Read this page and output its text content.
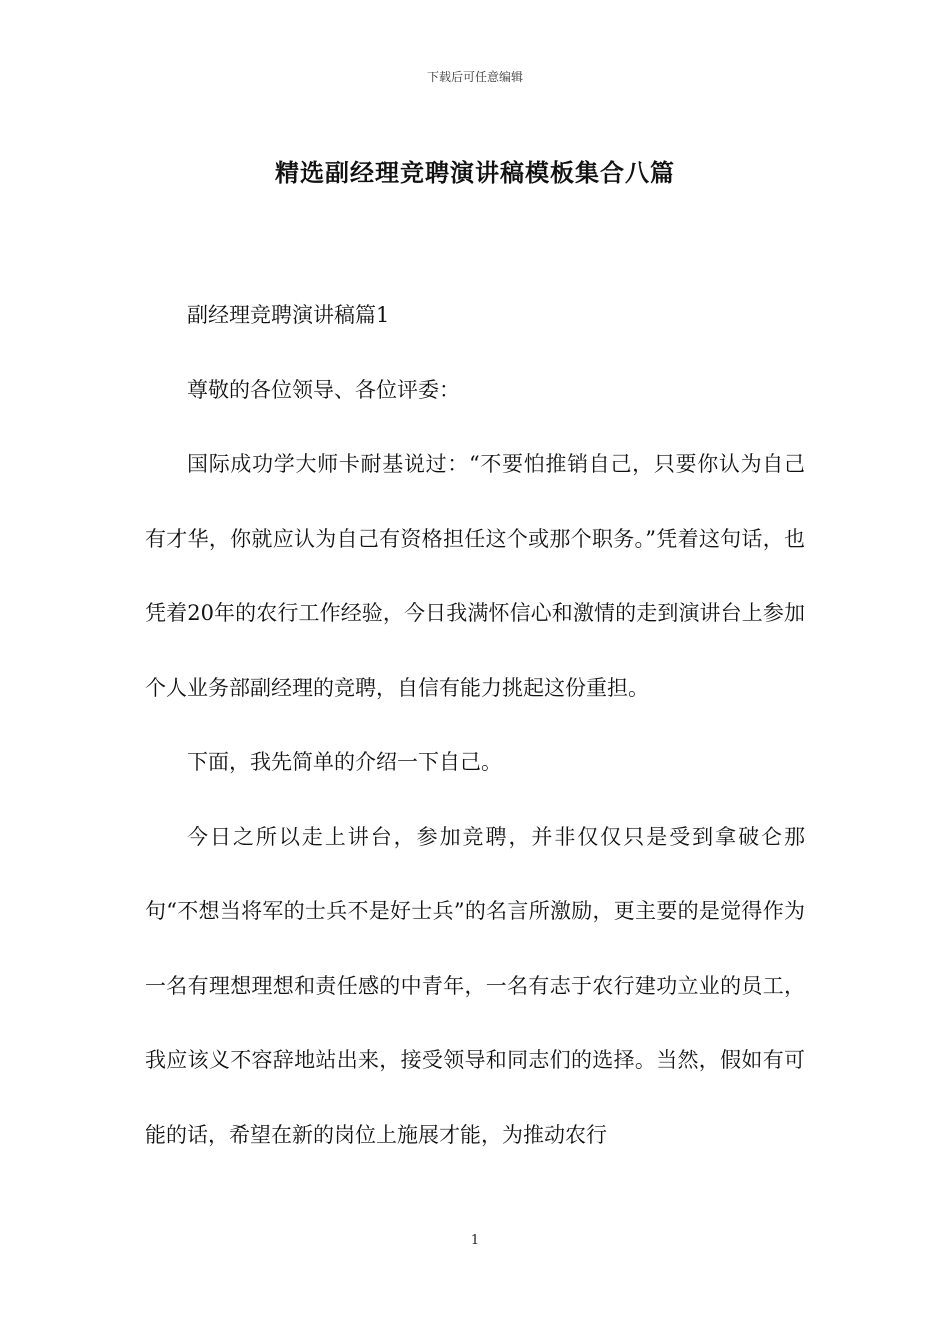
下载后可任意编辑
精选副经理竞聘演讲稿模板集合八篇

副经理竞聘演讲稿篇1

尊敬的各位领导、各位评委：

国际成功学大师卡耐基说过：“不要怕推销自己，只要你认为自己有才华，你就应认为自己有资格担任这个或那个职务。”凭着这句话，也凭着20年的农行工作经验，今日我满怀信心和激情的走到演讲台上参加个人业务部副经理的竞聘，自信有能力挑起这份重担。

下面，我先简单的介绍一下自己。

今日之所以走上讲台，参加竞聘，并非仅仅只是受到拿破仑那句“不想当将军的士兵不是好士兵”的名言所激励，更主要的是觉得作为一名有理想理想和责任感的中青年，一名有志于农行建功立业的员工，我应该义不容辞地站出来，接受领导和同志们的选择。当然，假如有可能的话，希望在新的岗位上施展才能，为推动农行

1
